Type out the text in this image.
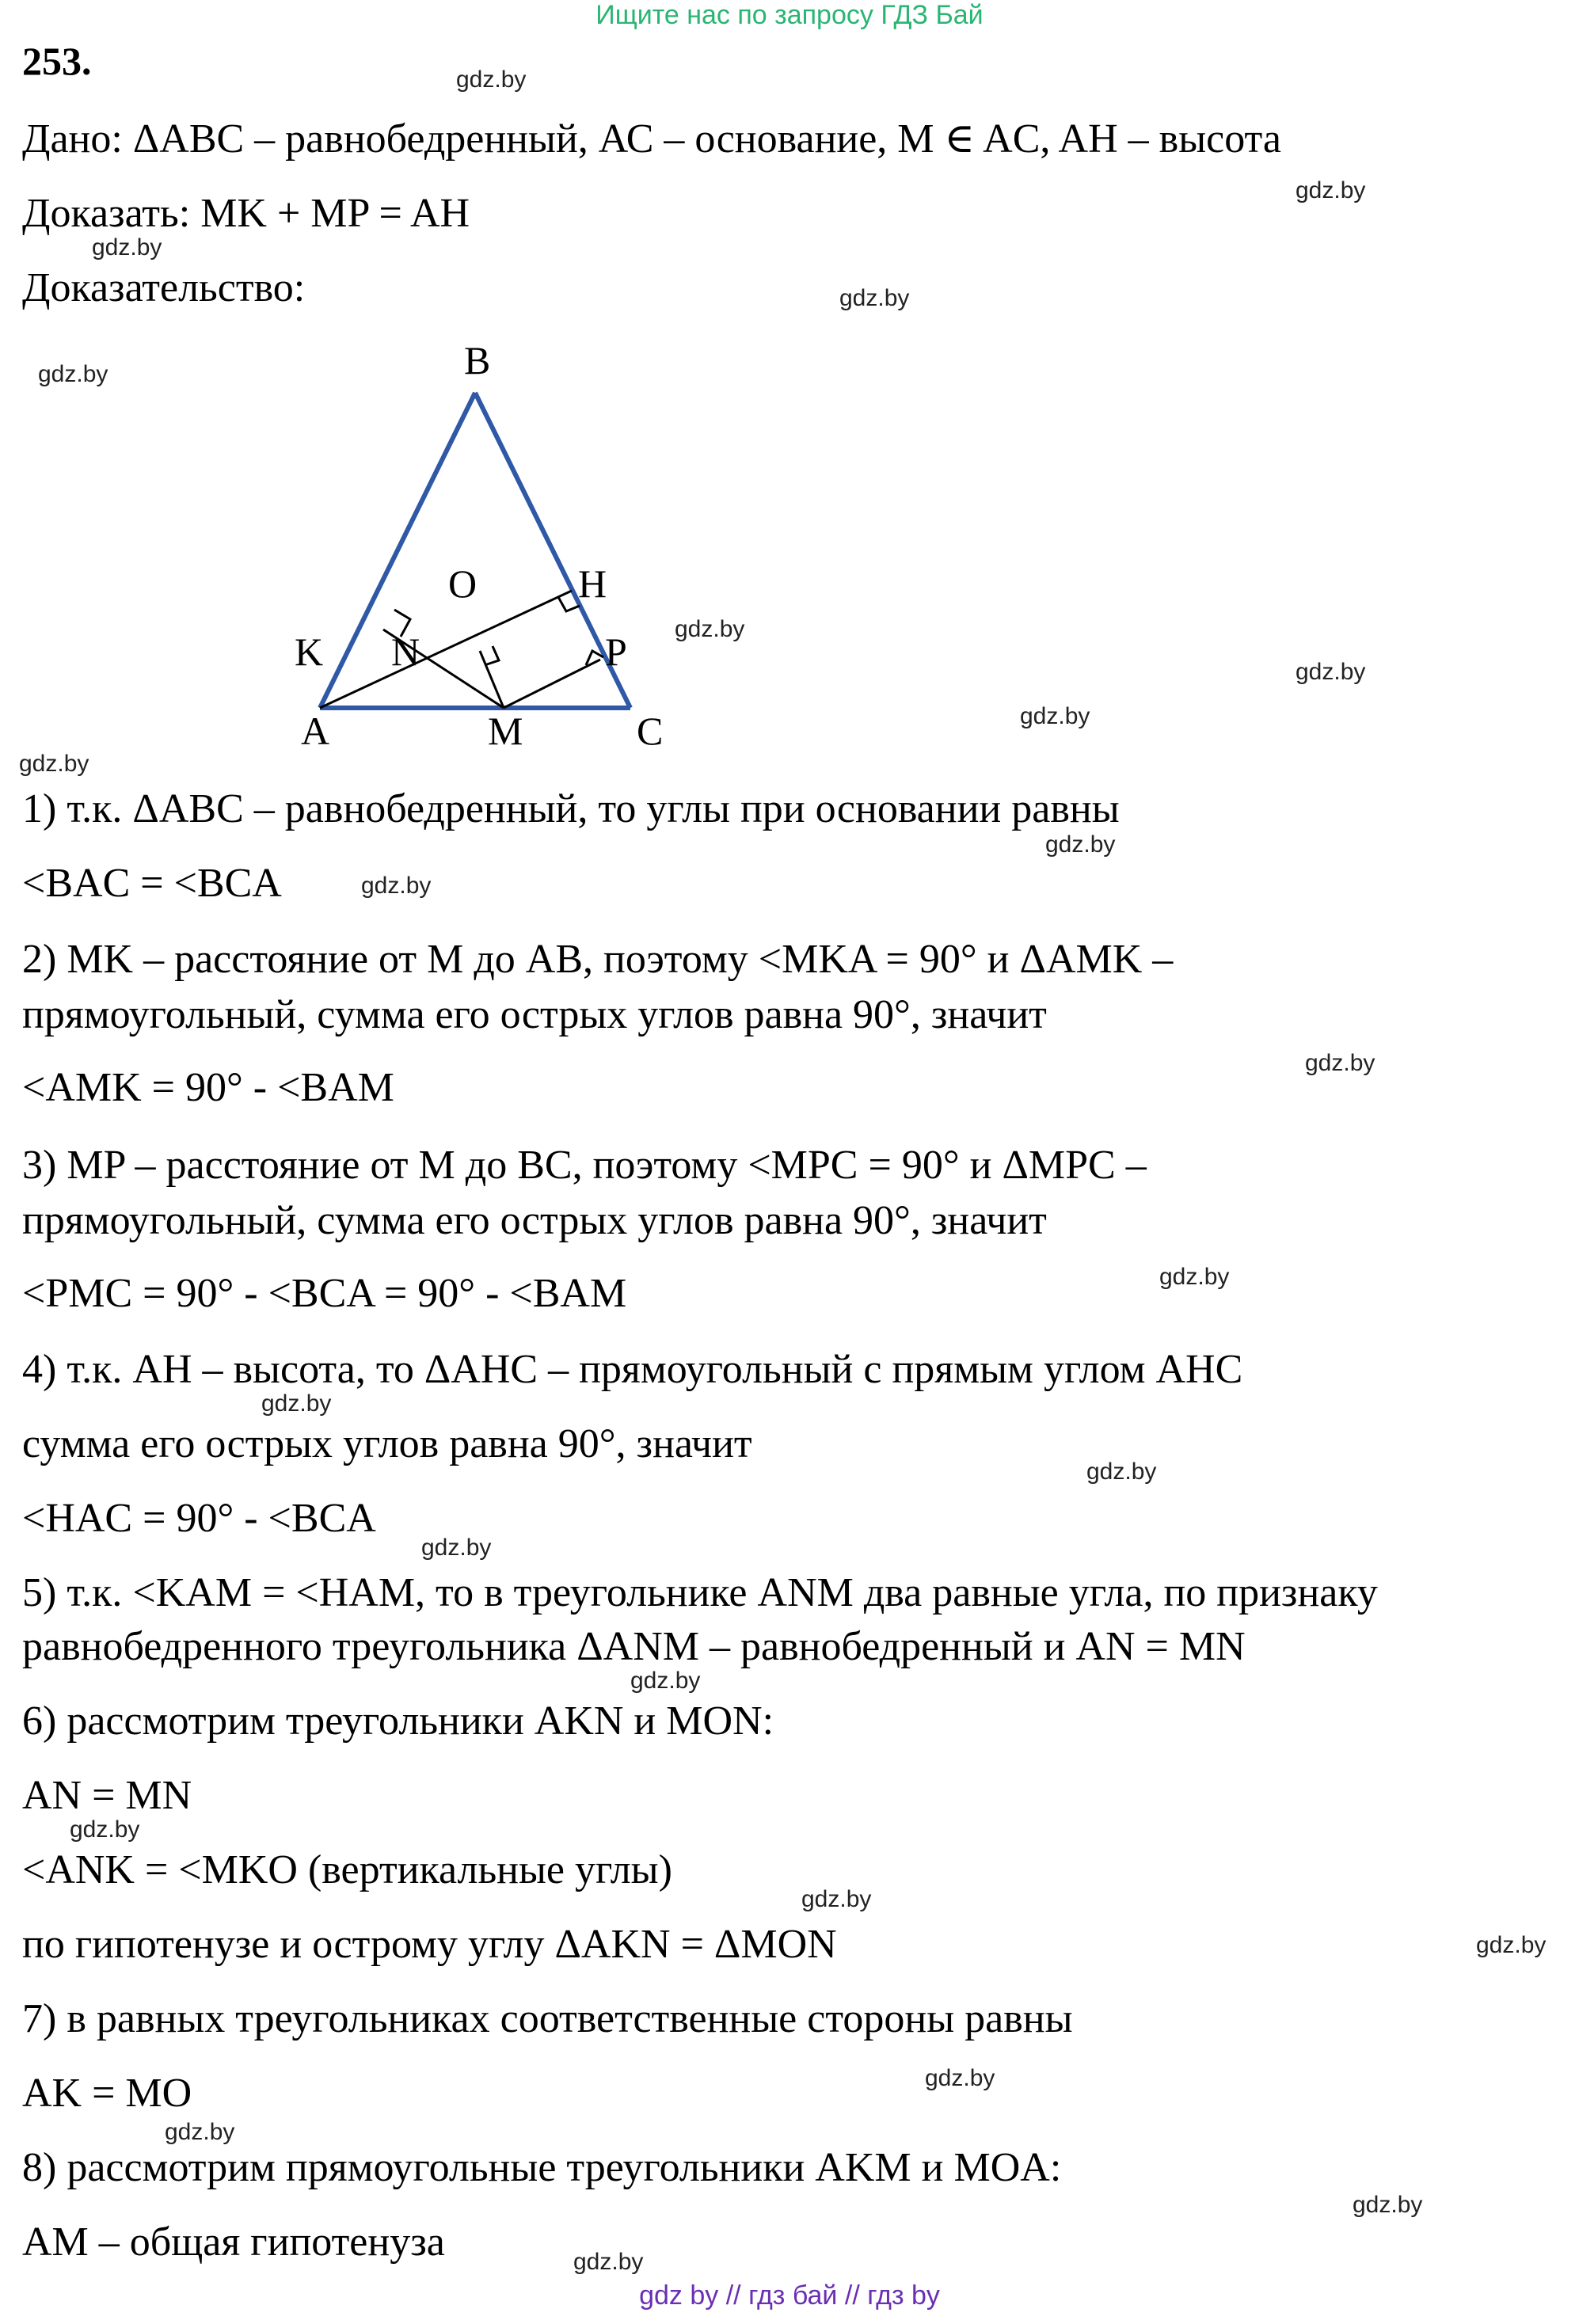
Ищите нас по запросу ГДЗ Бай
253.
Дано: ΔABC – равнобедренный, АС – основание, M ∈ AC, AH – высота
Доказать: MK + MP = AH
Доказательство:
B
O	H
K N	P
A	M	C
1) т.к. ΔABC – равнобедренный, то углы при основании равны
<BAC = <BCA
2) MK – расстояние от M до AB, поэтому <MKA = 90° и ΔAMK –
прямоугольный, сумма его острых углов равна 90°, значит
<AMK = 90° - <BAM
3) MP – расстояние от M до BC, поэтому <MPC = 90° и ΔMPC –
прямоугольный, сумма его острых углов равна 90°, значит
<PMC = 90° - <BCA = 90° - <BAM
4) т.к. AH – высота, то ΔAHC – прямоугольный с прямым углом AHC
сумма его острых углов равна 90°, значит
<HAC = 90° - <BCA
5) т.к. <KAM = <HAM, то в треугольнике ANM два равные угла, по признаку
равнобедренного треугольника ΔANM – равнобедренный и AN = MN
6) рассмотрим треугольники AKN и MON:
AN = MN
<ANK = <MKO (вертикальные углы)
по гипотенузе и острому углу ΔAKN = ΔMON
7) в равных треугольниках соответственные стороны равны
AK = MO
8) рассмотрим прямоугольные треугольники AKM и MOA:
AM – общая гипотенуза
gdz.by
gdz.by
gdz.by
gdz.by
gdz.by
gdz.by
gdz.by
gdz.by
gdz.by
gdz.by
gdz.by
gdz.by
gdz.by
gdz.by
gdz.by
gdz.by
gdz.by
gdz.by
gdz.by
gdz.by
gdz.by
gdz.by
gdz.by
gdz.by
gdz by // гдз бай // гдз by
